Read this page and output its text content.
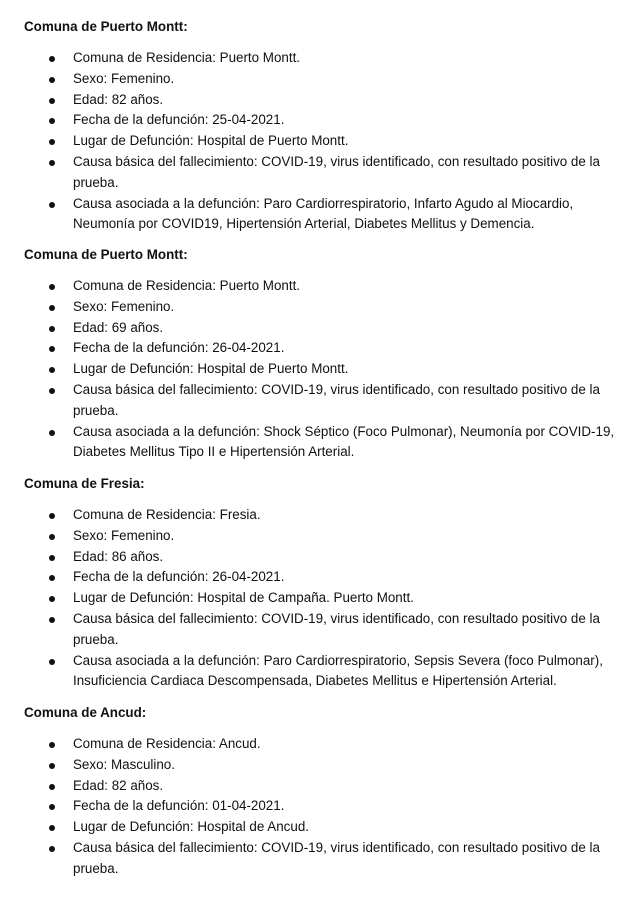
Comuna de Puerto Montt:
Comuna de Residencia: Puerto Montt.
Sexo: Femenino.
Edad: 82 años.
Fecha de la defunción: 25-04-2021.
Lugar de Defunción: Hospital de Puerto Montt.
Causa básica del fallecimiento: COVID-19, virus identificado, con resultado positivo de la prueba.
Causa asociada a la defunción: Paro Cardiorrespiratorio, Infarto Agudo al Miocardio, Neumonía por COVID19, Hipertensión Arterial, Diabetes Mellitus y Demencia.
Comuna de Puerto Montt:
Comuna de Residencia: Puerto Montt.
Sexo: Femenino.
Edad: 69 años.
Fecha de la defunción: 26-04-2021.
Lugar de Defunción: Hospital de Puerto Montt.
Causa básica del fallecimiento: COVID-19, virus identificado, con resultado positivo de la prueba.
Causa asociada a la defunción: Shock Séptico (Foco Pulmonar), Neumonía por COVID-19, Diabetes Mellitus Tipo II e Hipertensión Arterial.
Comuna de Fresia:
Comuna de Residencia: Fresia.
Sexo: Femenino.
Edad: 86 años.
Fecha de la defunción: 26-04-2021.
Lugar de Defunción: Hospital de Campaña. Puerto Montt.
Causa básica del fallecimiento: COVID-19, virus identificado, con resultado positivo de la prueba.
Causa asociada a la defunción: Paro Cardiorrespiratorio, Sepsis Severa (foco Pulmonar), Insuficiencia Cardiaca Descompensada, Diabetes Mellitus e Hipertensión Arterial.
Comuna de Ancud:
Comuna de Residencia: Ancud.
Sexo: Masculino.
Edad: 82 años.
Fecha de la defunción: 01-04-2021.
Lugar de Defunción: Hospital de Ancud.
Causa básica del fallecimiento: COVID-19, virus identificado, con resultado positivo de la prueba.
